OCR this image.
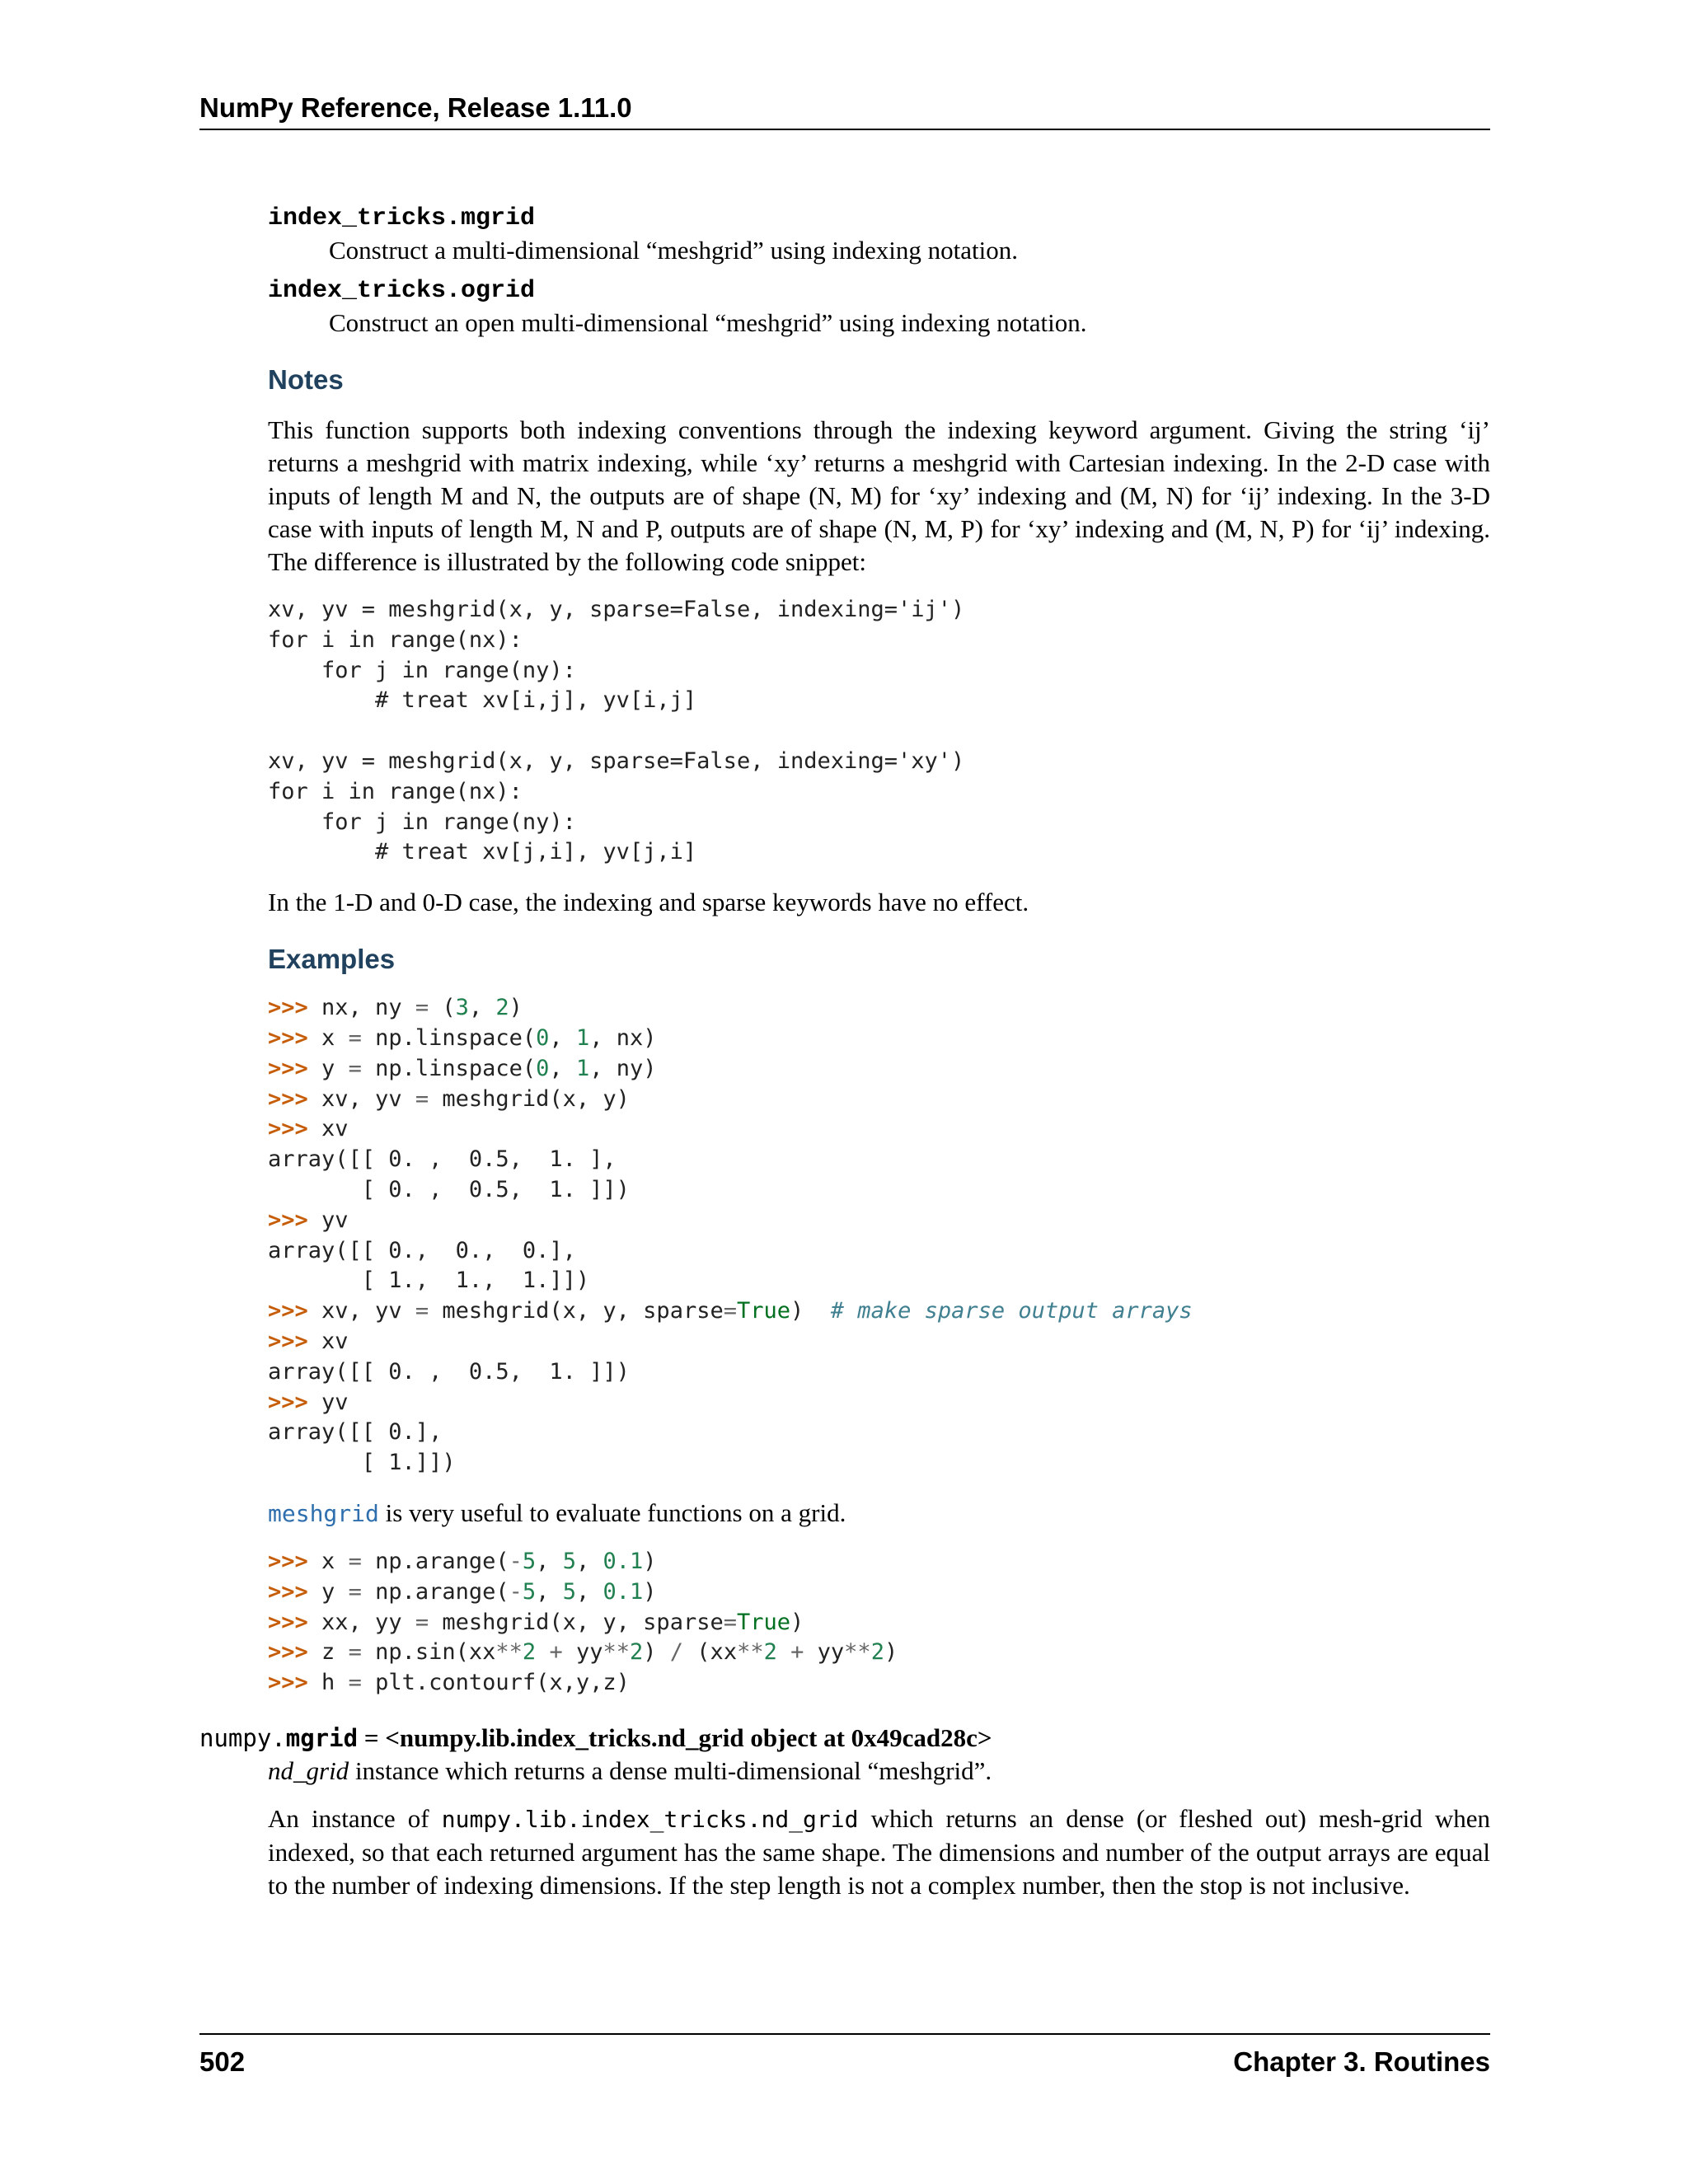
NumPy Reference, Release 1.11.0
index_tricks.mgrid
Construct a multi-dimensional “meshgrid” using indexing notation.
index_tricks.ogrid
Construct an open multi-dimensional “meshgrid” using indexing notation.
Notes
This function supports both indexing conventions through the indexing keyword argument. Giving the string ‘ij’ returns a meshgrid with matrix indexing, while ‘xy’ returns a meshgrid with Cartesian indexing. In the 2-D case with inputs of length M and N, the outputs are of shape (N, M) for ‘xy’ indexing and (M, N) for ‘ij’ indexing. In the 3-D case with inputs of length M, N and P, outputs are of shape (N, M, P) for ‘xy’ indexing and (M, N, P) for ‘ij’ indexing. The difference is illustrated by the following code snippet:
xv, yv = meshgrid(x, y, sparse=False, indexing='ij')
for i in range(nx):
for j in range(ny):
# treat xv[i,j], yv[i,j]

xv, yv = meshgrid(x, y, sparse=False, indexing='xy')
for i in range(nx):
for j in range(ny):
# treat xv[j,i], yv[j,i]
In the 1-D and 0-D case, the indexing and sparse keywords have no effect.
Examples
>>> nx, ny = (3, 2)
>>> x = np.linspace(0, 1, nx)
>>> y = np.linspace(0, 1, ny)
>>> xv, yv = meshgrid(x, y)
>>> xv
array([[ 0. ,  0.5,  1. ],
[ 0. ,  0.5,  1. ]])
>>> yv
array([[ 0.,  0.,  0.],
[ 1.,  1.,  1.]])
>>> xv, yv = meshgrid(x, y, sparse=True)  # make sparse output arrays
>>> xv
array([[ 0. ,  0.5,  1. ]])
>>> yv
array([[ 0.],
[ 1.]])
meshgrid is very useful to evaluate functions on a grid.
>>> x = np.arange(-5, 5, 0.1)
>>> y = np.arange(-5, 5, 0.1)
>>> xx, yy = meshgrid(x, y, sparse=True)
>>> z = np.sin(xx**2 + yy**2) / (xx**2 + yy**2)
>>> h = plt.contourf(x,y,z)
numpy.mgrid = <numpy.lib.index_tricks.nd_grid object at 0x49cad28c>
nd_grid instance which returns a dense multi-dimensional “meshgrid”.
An instance of numpy.lib.index_tricks.nd_grid which returns an dense (or fleshed out) mesh-grid when indexed, so that each returned argument has the same shape. The dimensions and number of the output arrays are equal to the number of indexing dimensions. If the step length is not a complex number, then the stop is not inclusive.
502	Chapter 3. Routines
